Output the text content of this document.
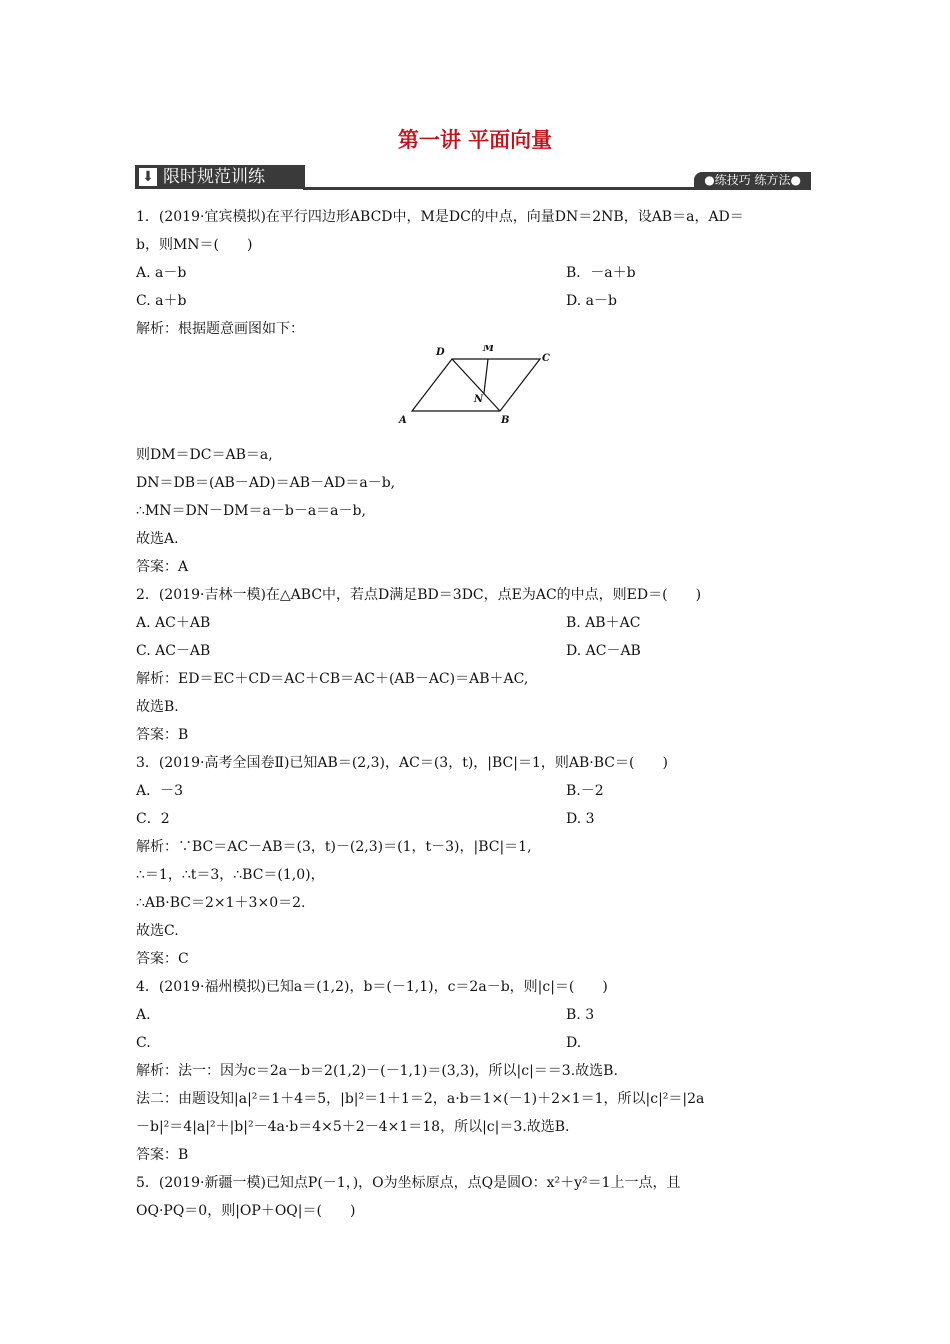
第一讲 平面向量
⬇ 限时规范训练	●练技巧 练方法●
1．(2019·宜宾模拟)在平行四边形ABCD中，M是DC的中点，向量DN＝2NB，设AB＝a，AD＝
b，则MN＝(　　)
A. a－b	B．－a＋b
C. a＋b	D. a－b
解析：根据题意画图如下：
D	M
C
N
A	B
则DM＝DC＝AB＝a,
DN＝DB＝(AB－AD)＝AB－AD＝a－b,
∴MN＝DN－DM＝a－b－a＝a－b,
故选A.
答案：A
2．(2019·吉林一模)在△ABC中，若点D满足BD＝3DC，点E为AC的中点，则ED＝(　　)
A. AC＋AB	B. AB＋AC
C. AC－AB	D. AC－AB
解析：ED＝EC＋CD＝AC＋CB＝AC＋(AB－AC)＝AB＋AC,
故选B.
答案：B
3．(2019·高考全国卷Ⅱ)已知AB＝(2,3)，AC＝(3，t)，|BC|＝1，则AB·BC＝(　　)
A．－3	B.－2
C．2	D. 3
解析：∵BC＝AC－AB＝(3，t)－(2,3)＝(1，t－3)，|BC|＝1,
∴＝1，∴t＝3，∴BC＝(1,0)，
∴AB·BC＝2×1＋3×0＝2.
故选C.
答案：C
4．(2019·福州模拟)已知a＝(1,2)，b＝(－1,1)，c＝2a－b，则|c|＝(　　)
A.	B. 3
C.	D.
解析：法一：因为c＝2a－b＝2(1,2)－(－1,1)＝(3,3)，所以|c|＝＝3.故选B.
法二：由题设知|a|²＝1＋4＝5，|b|²＝1＋1＝2，a·b＝1×(－1)＋2×1＝1，所以|c|²＝|2a
－b|²＝4|a|²＋|b|²－4a·b＝4×5＋2－4×1＝18，所以|c|＝3.故选B.
答案：B
5．(2019·新疆一模)已知点P(－1，)，O为坐标原点，点Q是圆O：x²＋y²＝1上一点，且
OQ·PQ＝0，则|OP＋OQ|＝(　　)
